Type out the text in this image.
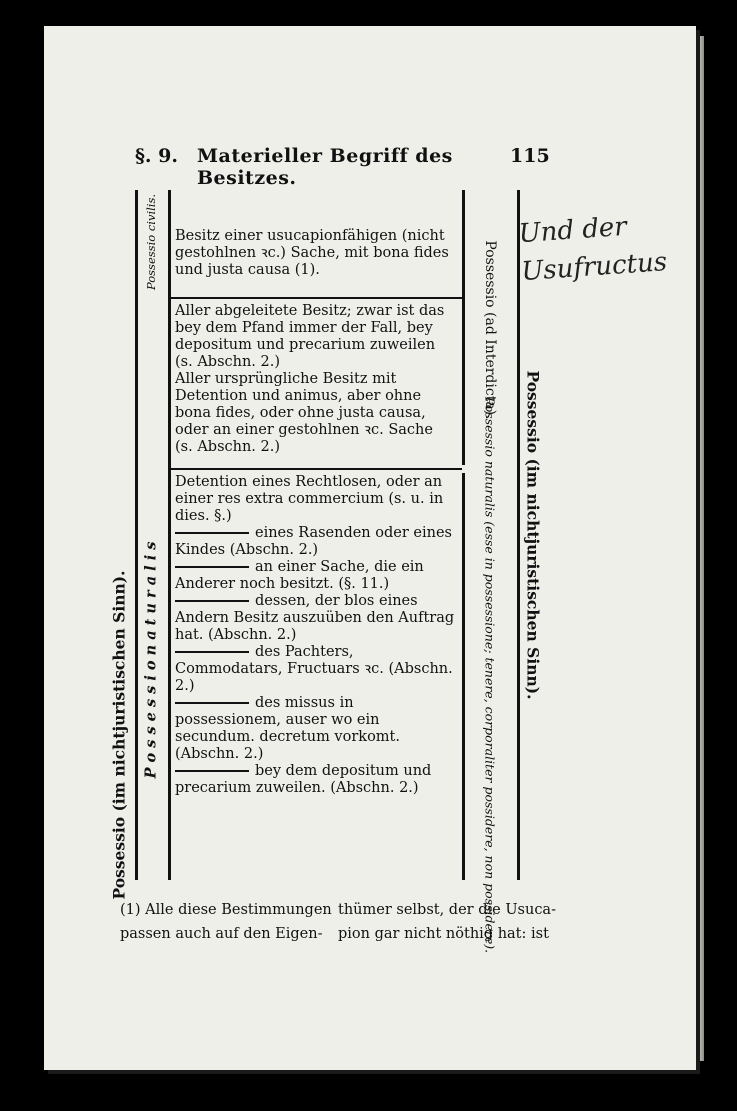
§. 9. Materieller Begriff des Besitzes.
115
Possessio (im nichtjuristischen Sinn).
Possessio civilis.
P o s s e s s i o n a t u r a l i s
Possessio (ad Interdicta).
Possessio naturalis (esse in possessione; tenere, corporaliter possidere, non possidere). Possessio (im nichtjuristischen Sinn).

Besitz einer usucapionfähigen (nicht gestohlnen ꝛc.) Sache, mit bona fides und justa causa (1).

Aller abgeleitete Besitz; zwar ist das bey dem Pfand immer der Fall, bey depositum und precarium zuweilen (s. Abschn. 2.)

Aller ursprüngliche Besitz mit Detention und animus, aber ohne bona fides, oder ohne justa causa, oder an einer gestohlnen ꝛc. Sache (s. Abschn. 2.)

Detention eines Rechtlosen, oder an einer res extra commercium (s. u. in dies. §.)

eines Rasenden oder eines Kindes (Abschn. 2.)

an einer Sache, die ein Anderer noch besitzt. (§. 11.)

dessen, der blos eines Andern Besitz auszuüben den Auftrag hat. (Abschn. 2.)

des Pachters, Commodatars, Fructuars ꝛc. (Abschn. 2.)

des missus in possessionem, auser wo ein secundum. decretum vorkomt. (Abschn. 2.)

bey dem depositum und precarium zuweilen. (Abschn. 2.)

(1) Alle diese Bestimmungen thümer selbst, der die Usuca-
passen auch auf den Eigen- pion gar nicht nöthig hat: ist
Und der
Usufructus
